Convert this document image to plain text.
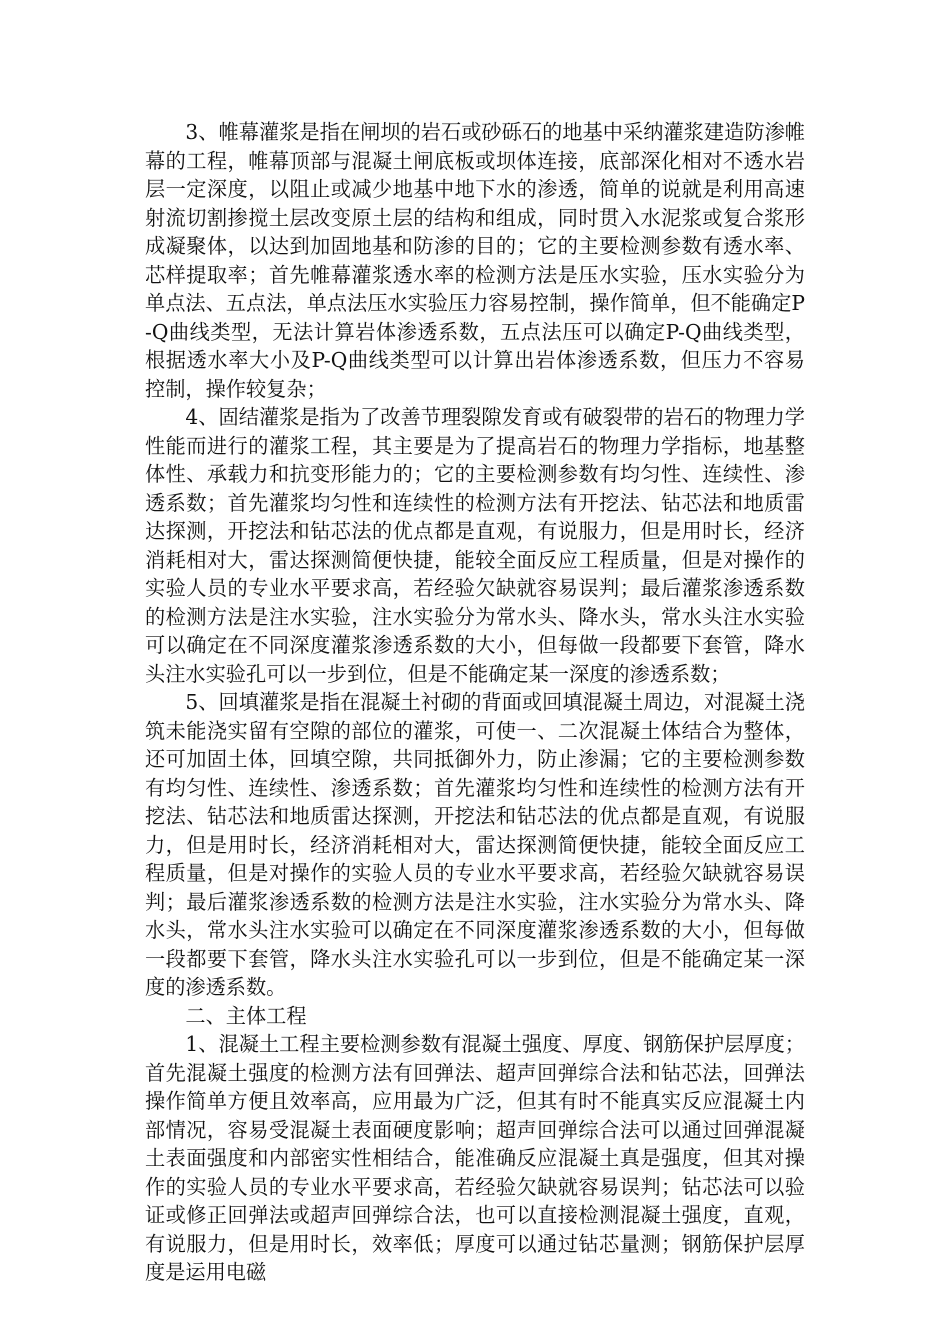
3、帷幕灌浆是指在闸坝的岩石或砂砾石的地基中采纳灌浆建造防渗帷幕的工程，帷幕顶部与混凝土闸底板或坝体连接，底部深化相对不透水岩层一定深度，以阻止或减少地基中地下水的渗透，简单的说就是利用高速射流切割掺搅土层改变原土层的结构和组成，同时贯入水泥浆或复合浆形成凝聚体，以达到加固地基和防渗的目的；它的主要检测参数有透水率、芯样提取率；首先帷幕灌浆透水率的检测方法是压水实验，压水实验分为单点法、五点法，单点法压水实验压力容易控制，操作简单，但不能确定P-Q曲线类型，无法计算岩体渗透系数，五点法压可以确定P-Q曲线类型，根据透水率大小及P-Q曲线类型可以计算出岩体渗透系数，但压力不容易控制，操作较复杂；

4、固结灌浆是指为了改善节理裂隙发育或有破裂带的岩石的物理力学性能而进行的灌浆工程，其主要是为了提高岩石的物理力学指标，地基整体性、承载力和抗变形能力的；它的主要检测参数有均匀性、连续性、渗透系数；首先灌浆均匀性和连续性的检测方法有开挖法、钻芯法和地质雷达探测，开挖法和钻芯法的优点都是直观，有说服力，但是用时长，经济消耗相对大，雷达探测简便快捷，能较全面反应工程质量，但是对操作的实验人员的专业水平要求高，若经验欠缺就容易误判；最后灌浆渗透系数的检测方法是注水实验，注水实验分为常水头、降水头，常水头注水实验可以确定在不同深度灌浆渗透系数的大小，但每做一段都要下套管，降水头注水实验孔可以一步到位，但是不能确定某一深度的渗透系数；

5、回填灌浆是指在混凝土衬砌的背面或回填混凝土周边，对混凝土浇筑未能浇实留有空隙的部位的灌浆，可使一、二次混凝土体结合为整体，还可加固土体，回填空隙，共同抵御外力，防止渗漏；它的主要检测参数有均匀性、连续性、渗透系数；首先灌浆均匀性和连续性的检测方法有开挖法、钻芯法和地质雷达探测，开挖法和钻芯法的优点都是直观，有说服力，但是用时长，经济消耗相对大，雷达探测简便快捷，能较全面反应工程质量，但是对操作的实验人员的专业水平要求高，若经验欠缺就容易误判；最后灌浆渗透系数的检测方法是注水实验，注水实验分为常水头、降水头，常水头注水实验可以确定在不同深度灌浆渗透系数的大小，但每做一段都要下套管，降水头注水实验孔可以一步到位，但是不能确定某一深度的渗透系数。

二、主体工程

1、混凝土工程主要检测参数有混凝土强度、厚度、钢筋保护层厚度；首先混凝土强度的检测方法有回弹法、超声回弹综合法和钻芯法，回弹法操作简单方便且效率高，应用最为广泛，但其有时不能真实反应混凝土内部情况，容易受混凝土表面硬度影响；超声回弹综合法可以通过回弹混凝土表面强度和内部密实性相结合，能准确反应混凝土真是强度，但其对操作的实验人员的专业水平要求高，若经验欠缺就容易误判；钻芯法可以验证或修正回弹法或超声回弹综合法，也可以直接检测混凝土强度，直观，有说服力，但是用时长，效率低；厚度可以通过钻芯量测；钢筋保护层厚度是运用电磁
